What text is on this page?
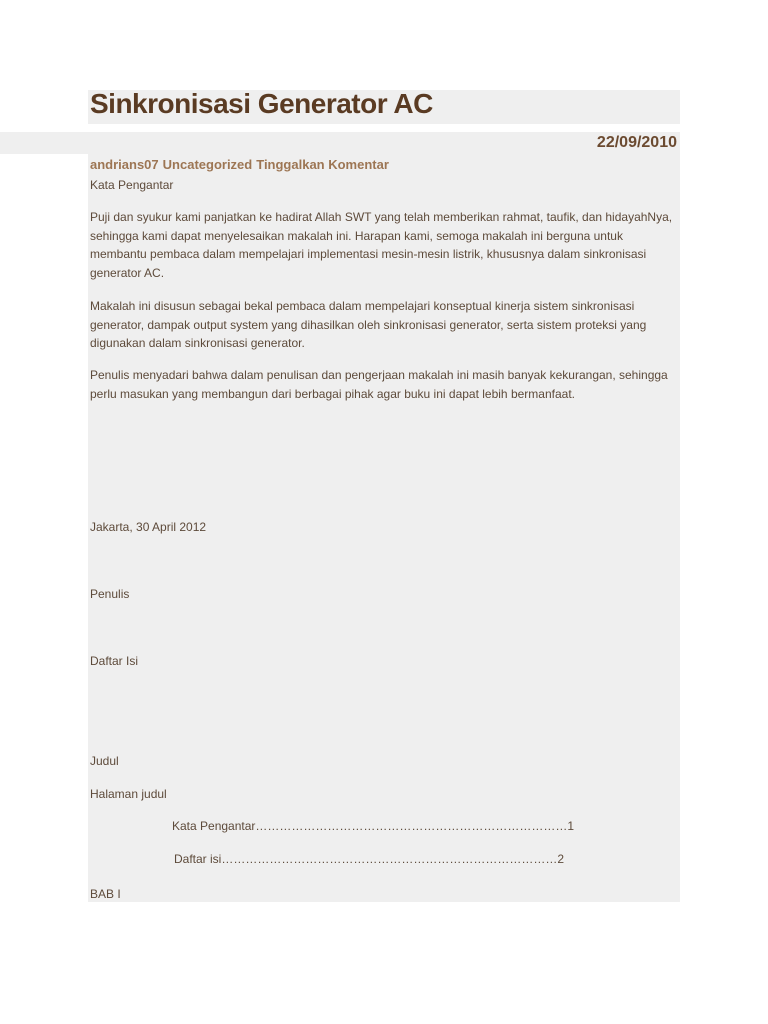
Sinkronisasi Generator AC
22/09/2010
andrians07 Uncategorized Tinggalkan Komentar
Kata Pengantar

Puji dan syukur kami panjatkan ke hadirat Allah SWT yang telah memberikan rahmat, taufik, dan hidayahNya, sehingga kami dapat menyelesaikan makalah ini. Harapan kami, semoga makalah ini berguna untuk membantu pembaca dalam mempelajari implementasi mesin-mesin listrik, khususnya dalam sinkronisasi generator AC.

Makalah ini disusun sebagai bekal pembaca dalam mempelajari konseptual kinerja sistem sinkronisasi generator, dampak output system yang dihasilkan oleh sinkronisasi generator, serta sistem proteksi yang digunakan dalam sinkronisasi generator.

Penulis menyadari bahwa dalam penulisan dan pengerjaan makalah ini masih banyak kekurangan, sehingga perlu masukan yang membangun dari berbagai pihak agar buku ini dapat lebih bermanfaat.

Jakarta, 30 April 2012
Penulis
Daftar Isi
Judul
Halaman judul
Kata Pengantar……………………………………………………………………1
Daftar isi…………………………………………………………………………2
BAB I
